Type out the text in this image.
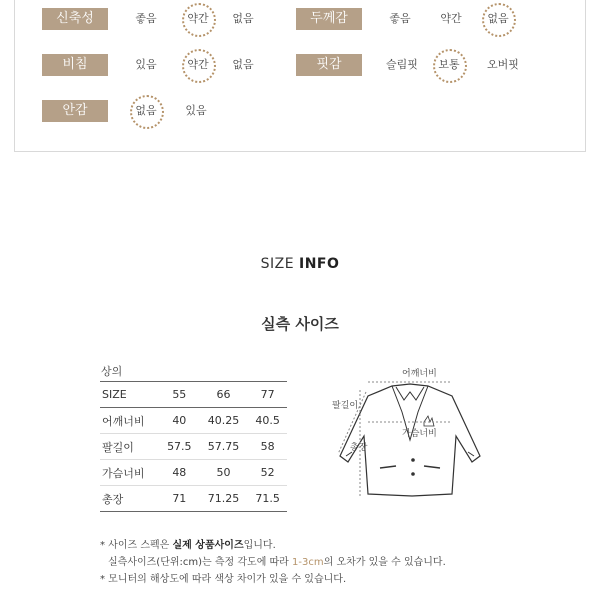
신축성	좋음	약간	없음	두께감	좋음	약간	없음
비침	있음	약간	없음	핏감	슬림핏	보통	오버핏
안감	없음	있음
SIZE INFO
실측 사이즈
상의
SIZE	55	66	77
어깨너비	40	40.25	40.5
팔길이	57.5	57.75	58
가슴너비	48	50	52
총장	71	71.25	71.5
어깨너비
팔길이
가슴너비
총장
* 사이즈 스펙은 실제 상품사이즈입니다.
실측사이즈(단위:cm)는 측정 각도에 따라 1-3cm의 오차가 있을 수 있습니다.
* 모니터의 해상도에 따라 색상 차이가 있을 수 있습니다.
